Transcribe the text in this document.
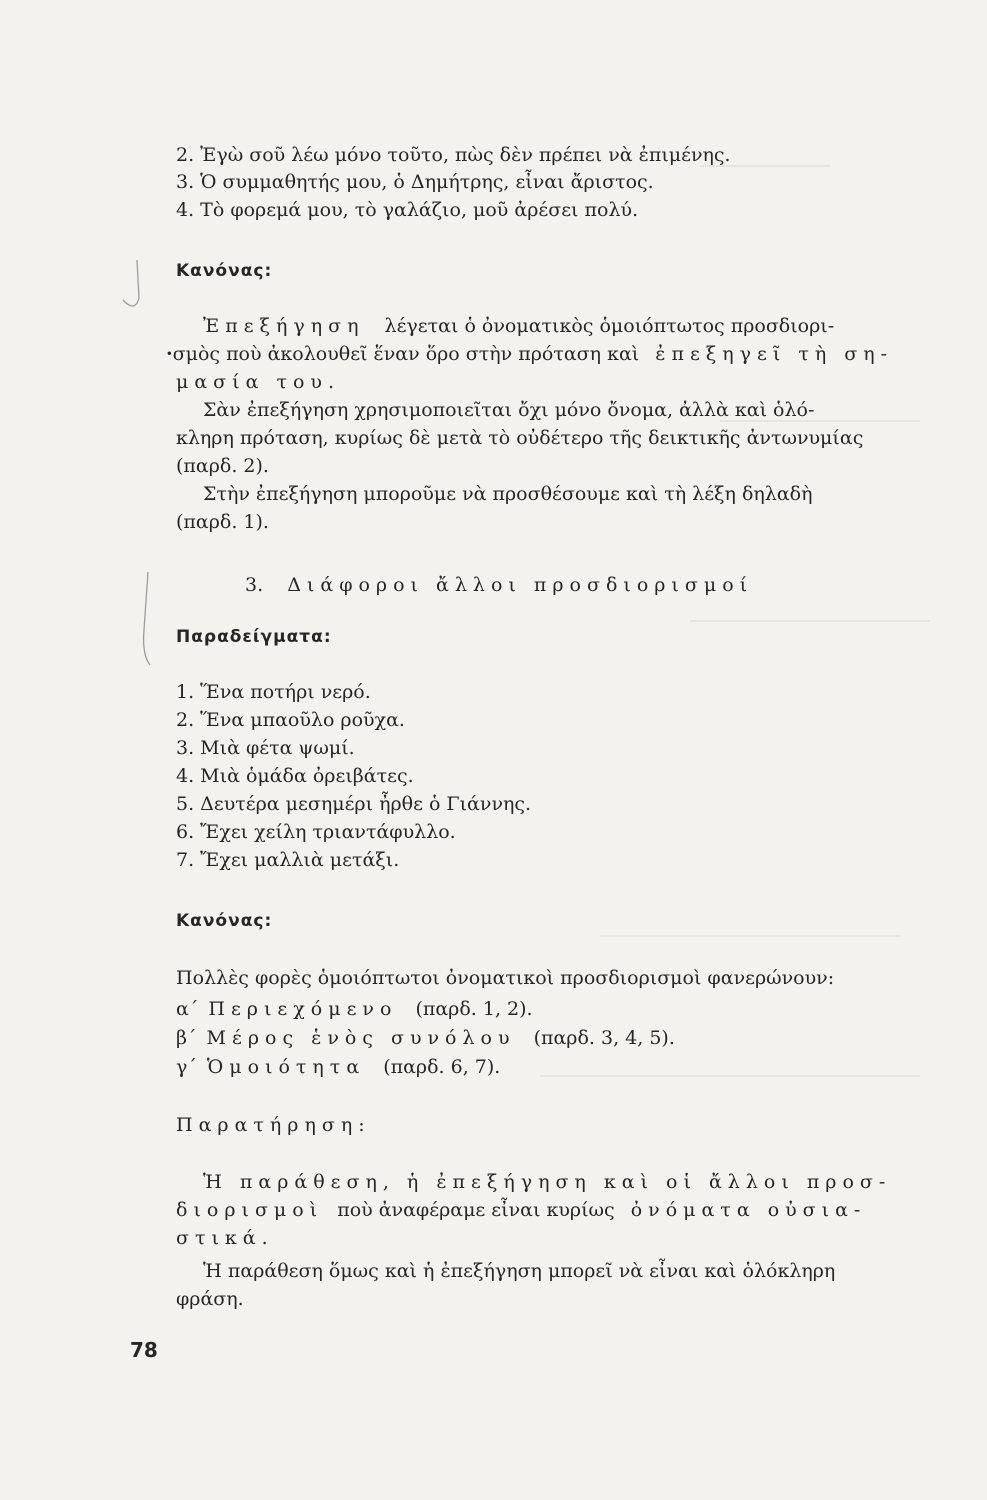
2. Ἐγὼ σοῦ λέω μόνο τοῦτο, πὼς δὲν πρέπει νὰ ἐπιμένης.
3. Ὁ συμμαθητής μου, ὁ Δημήτρης, εἶναι ἄριστος.
4. Τὸ φορεμά μου, τὸ γαλάζιο, μοῦ ἀρέσει πολύ.
Κανόνας:
Ἐπεξήγηση λέγεται ὁ ὀνοματικὸς ὁμοιόπτωτος προσδιορι-
·σμὸς ποὺ ἀκολουθεῖ ἕναν ὅρο στὴν πρόταση καὶ ἐπεξηγεῖ τὴ ση-
μασία του.
Σὰν ἐπεξήγηση χρησιμοποιεῖται ὄχι μόνο ὄνομα, ἀλλὰ καὶ ὁλό-
κληρη πρόταση, κυρίως δὲ μετὰ τὸ οὐδέτερο τῆς δεικτικῆς ἀντωνυμίας
(παρδ. 2).
Στὴν ἐπεξήγηση μποροῦμε νὰ προσθέσουμε καὶ τὴ λέξη δηλαδὴ
(παρδ. 1).
3. Διάφοροι ἄλλοι προσδιορισμοί
Παραδείγματα:
1. Ἕνα ποτήρι νερό.
2. Ἕνα μπαοῦλο ροῦχα.
3. Μιὰ φέτα ψωμί.
4. Μιὰ ὁμάδα ὀρειβάτες.
5. Δευτέρα μεσημέρι ἦρθε ὁ Γιάννης.
6. Ἔχει χείλη τριαντάφυλλο.
7. Ἔχει μαλλιὰ μετάξι.
Κανόνας:
Πολλὲς φορὲς ὁμοιόπτωτοι ὀνοματικοὶ προσδιορισμοὶ φανερώνουν:
α΄ Περιεχόμενο (παρδ. 1, 2).
β΄ Μέρος ἑνὸς συνόλου (παρδ. 3, 4, 5).
γ΄ Ὁμοιότητα (παρδ. 6, 7).
Παρατήρηση:
Ἡ παράθεση, ἡ ἐπεξήγηση καὶ οἱ ἄλλοι προσ-
διορισμοὶ ποὺ ἀναφέραμε εἶναι κυρίως ὀνόματα οὐσια-
στικά.
Ἡ παράθεση ὅμως καὶ ἡ ἐπεξήγηση μπορεῖ νὰ εἶναι καὶ ὁλόκληρη
φράση.
78
